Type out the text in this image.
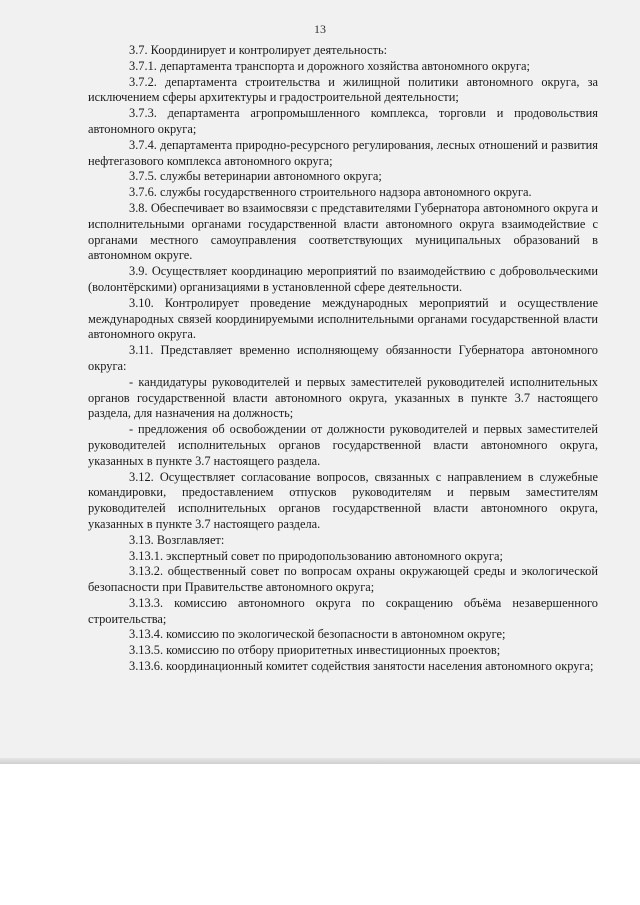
13

3.7. Координирует и контролирует деятельность:

3.7.1. департамента транспорта и дорожного хозяйства автономного округа;

3.7.2. департамента строительства и жилищной политики автономного округа, за исключением сферы архитектуры и градостроительной деятельности;

3.7.3. департамента агропромышленного комплекса, торговли и продовольствия автономного округа;

3.7.4. департамента природно-ресурсного регулирования, лесных отношений и развития нефтегазового комплекса автономного округа;

3.7.5. службы ветеринарии автономного округа;

3.7.6. службы государственного строительного надзора автономного округа.

3.8. Обеспечивает во взаимосвязи с представителями Губернатора автономного округа и исполнительными органами государственной власти автономного округа взаимодействие с органами местного самоуправления соответствующих муниципальных образований в автономном округе.

3.9. Осуществляет координацию мероприятий по взаимодействию с добровольческими (волонтёрскими) организациями в установленной сфере деятельности.

3.10. Контролирует проведение международных мероприятий и осуществление международных связей координируемыми исполнительными органами государственной власти автономного округа.

3.11. Представляет временно исполняющему обязанности Губернатора автономного округа:

- кандидатуры руководителей и первых заместителей руководителей исполнительных органов государственной власти автономного округа, указанных в пункте 3.7 настоящего раздела, для назначения на должность;

- предложения об освобождении от должности руководителей и первых заместителей руководителей исполнительных органов государственной власти автономного округа, указанных в пункте 3.7 настоящего раздела.

3.12. Осуществляет согласование вопросов, связанных с направлением в служебные командировки, предоставлением отпусков руководителям и первым заместителям руководителей исполнительных органов государственной власти автономного округа, указанных в пункте 3.7 настоящего раздела.

3.13. Возглавляет:

3.13.1. экспертный совет по природопользованию автономного округа;

3.13.2. общественный совет по вопросам охраны окружающей среды и экологической безопасности при Правительстве автономного округа;

3.13.3. комиссию автономного округа по сокращению объёма незавершенного строительства;

3.13.4. комиссию по экологической безопасности в автономном округе;

3.13.5. комиссию по отбору приоритетных инвестиционных проектов;

3.13.6. координационный комитет содействия занятости населения автономного округа;
